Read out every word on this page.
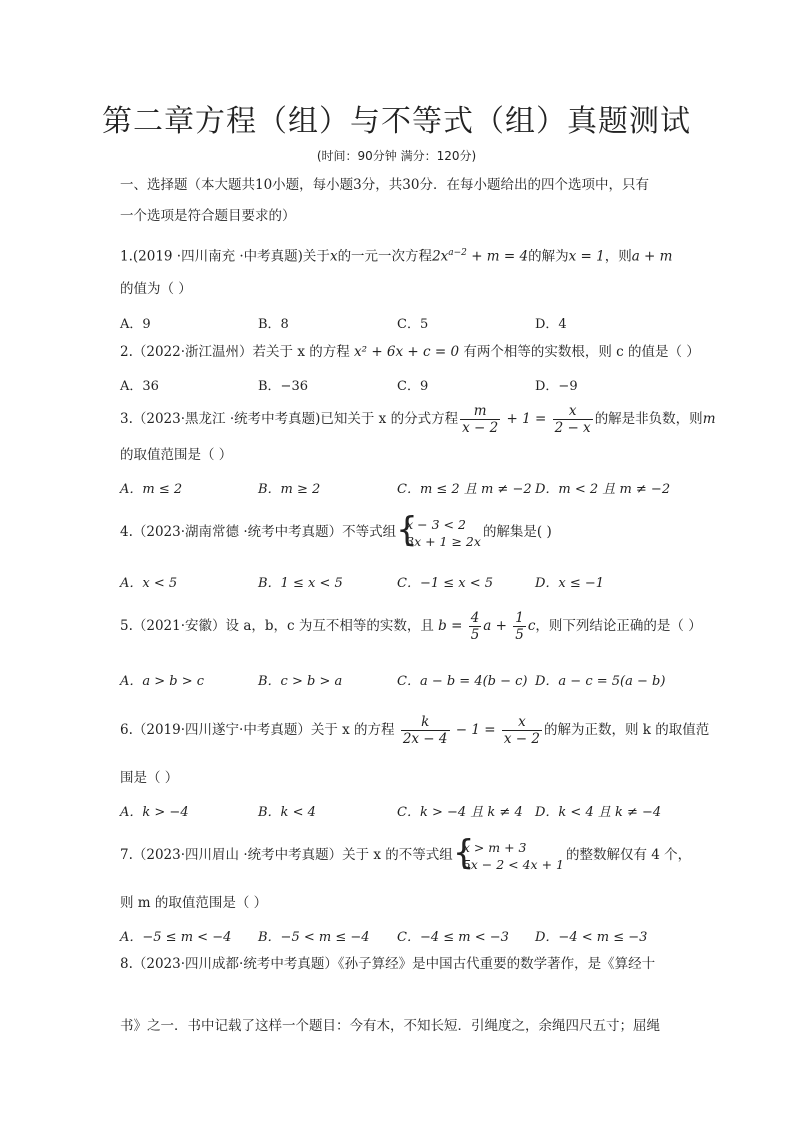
第二章方程（组）与不等式（组）真题测试
(时间：90分钟 满分：120分)
一、选择题（本大题共10小题，每小题3分，共30分．在每小题给出的四个选项中，只有
一个选项是符合题目要求的）
1.(2019 ·四川南充 ·中考真题)关于x的一元一次方程$2x^{a-2} + m = 4$的解为x = 1，则a + m
的值为（ ）
A．9	B．8	C．5	D．4
2.（2022·浙江温州）若关于 x 的方程 x² + 6x + c = 0 有两个相等的实数根，则 c 的值是（ ）
A．36	B．−36	C．9	D．−9
3.（2023·黑龙江 ·统考中考真题)已知关于 x 的分式方程 $\frac{m}{x - 2} + 1 = \frac{x}{2 - x}$ 的解是非负数，则m
的取值范围是（ ）
A．m ≤ 2	B．m ≥ 2	C．m ≤ 2 且 m ≠ −2 D．m < 2 且 m ≠ −2
4.（2023·湖南常德 ·统考中考真题）不等式组 { x − 3 < 2
3x + 1 ≥ 2x
的解集是( )
A．x < 5	B．1 ≤ x < 5	C．−1 ≤ x < 5	D．x ≤ −1
5.（2021·安徽）设 a，b，c 为互不相等的实数，且 $b = \frac{4}{5}$ $a + \frac{1}{5}$ c，则下列结论正确的是（ ）
A．a > b > c	B．c > b > a	C．a − b = 4(b − c) D．a − c = 5(a − b)
6.（2019·四川遂宁·中考真题）关于 x 的方程 $\frac{k}{2x - 4} - 1 = \frac{x}{x - 2}$ 的解为正数，则 k 的取值范
围是（ ）
A．k > −4	B．k < 4	C．k > −4 且 k ≠ 4 D．k < 4 且 k ≠ −4
7.（2023·四川眉山 ·统考中考真题）关于 x 的不等式组 { x > m + 3
5x − 2 < 4x + 1
的整数解仅有 4 个，
则 m 的取值范围是（ ）
A．−5 ≤ m < −4 B．−5 < m ≤ −4 C．−4 ≤ m < −3 D．−4 < m ≤ −3
8.（2023·四川成都·统考中考真题）《孙子算经》是中国古代重要的数学著作，是《算经十
书》之一．书中记载了这样一个题目：今有木，不知长短．引绳度之，余绳四尺五寸；屈绳
